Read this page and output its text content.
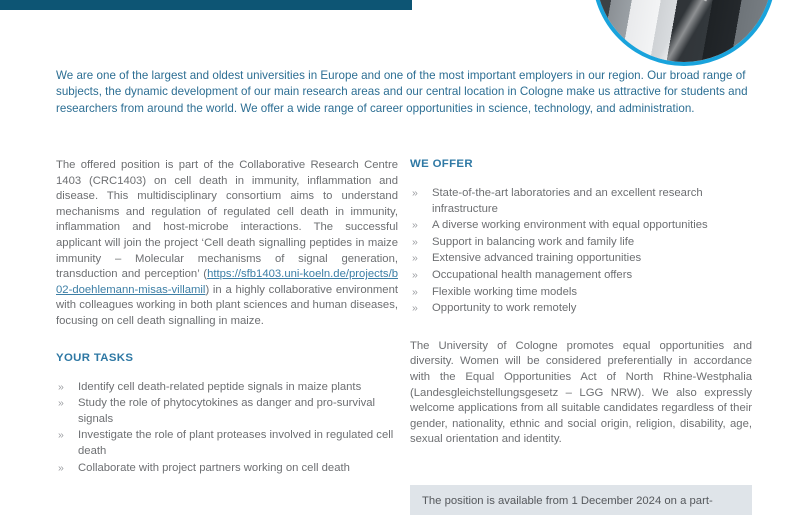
We are one of the largest and oldest universities in Europe and one of the most important employers in our region. Our broad range of subjects, the dynamic development of our main research areas and our central location in Cologne make us attractive for students and researchers from around the world. We offer a wide range of career opportunities in science, technology, and administration.

The offered position is part of the Collaborative Research Centre 1403 (CRC1403) on cell death in immunity, inflammation and disease. This multidisciplinary consortium aims to understand mechanisms and regulation of regulated cell death in immunity, inflammation and host-microbe interactions. The successful applicant will join the project ‘Cell death signalling peptides in maize immunity – Molecular mechanisms of signal generation, transduction and perception’ (https://sfb1403.uni-koeln.de/projects/b02-doehlemann-misas-villamil) in a highly collaborative environment with colleagues working in both plant sciences and human diseases, focusing on cell death signalling in maize.

YOUR TASKS
» Identify cell death-related peptide signals in maize plants
» Study the role of phytocytokines as danger and pro-survival signals
» Investigate the role of plant proteases involved in regulated cell death
» Collaborate with project partners working on cell death
WE OFFER
» State-of-the-art laboratories and an excellent research infrastructure
» A diverse working environment with equal opportunities
» Support in balancing work and family life
» Extensive advanced training opportunities
» Occupational health management offers
» Flexible working time models
» Opportunity to work remotely

The University of Cologne promotes equal opportunities and diversity. Women will be considered preferentially in accordance with the Equal Opportunities Act of North Rhine-Westphalia (Landesgleichstellungsgesetz – LGG NRW). We also expressly welcome applications from all suitable candidates regardless of their gender, nationality, ethnic and social origin, religion, disability, age, sexual orientation and identity.

The position is available from 1 December 2024 on a part-
